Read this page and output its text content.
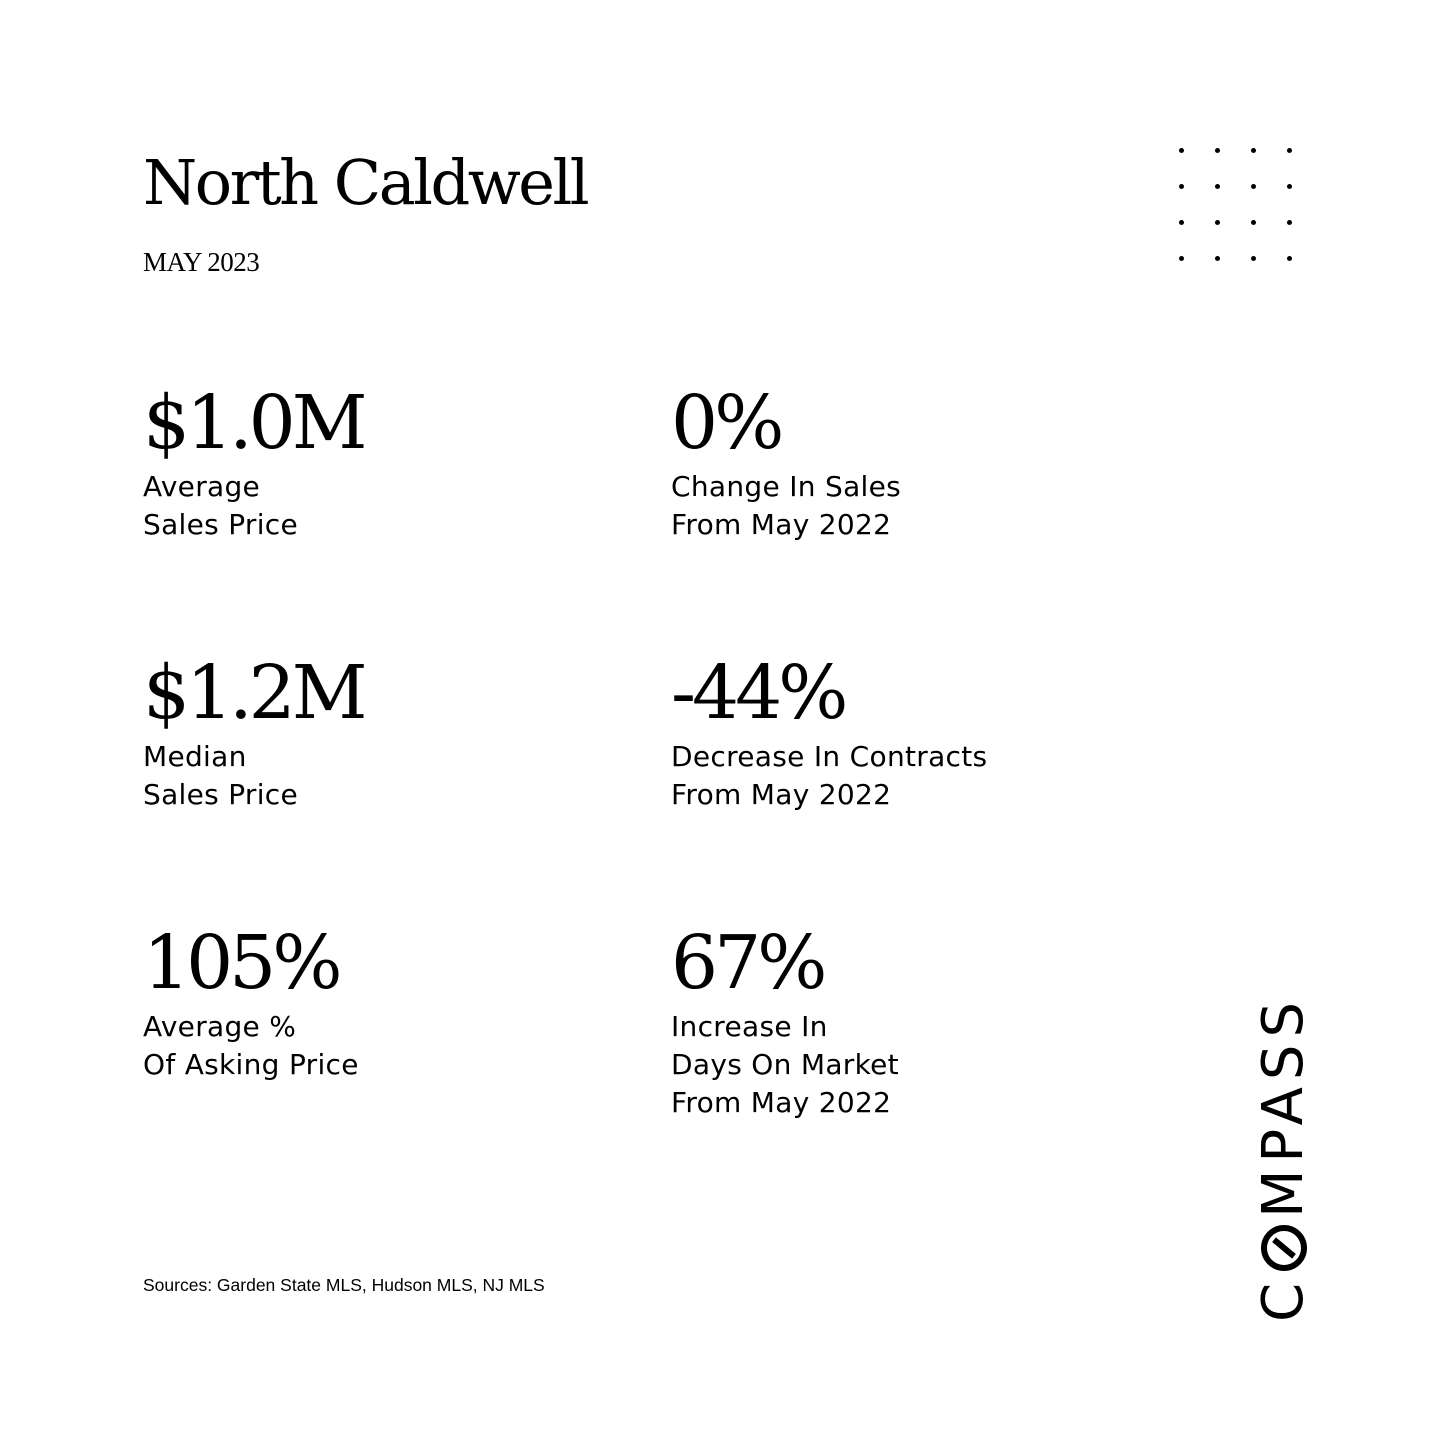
North Caldwell
MAY 2023
$1.0M
Average
Sales Price
0%
Change In Sales
From May 2022
$1.2M
Median
Sales Price
-44%
Decrease In Contracts
From May 2022
105%
Average %
Of Asking Price
67%
Increase In
Days On Market
From May 2022
Sources: Garden State MLS, Hudson MLS, NJ MLS	C
MPASS
